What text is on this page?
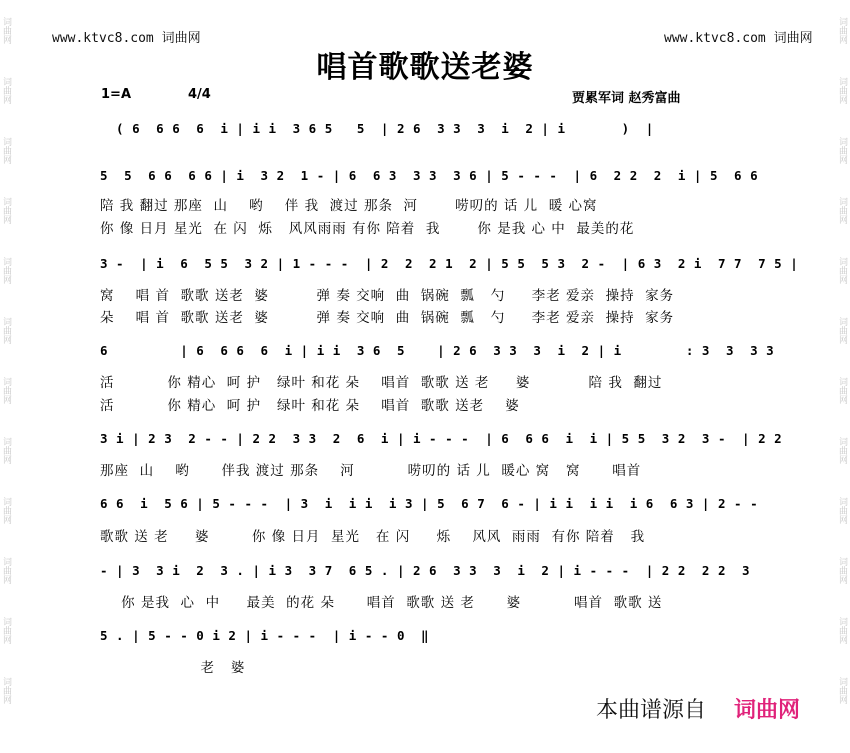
词曲网
词曲网
词曲网
词曲网
词曲网
词曲网
词曲网
词曲网
词曲网
词曲网
词曲网
词曲网
词曲网
词曲网
词曲网
词曲网
词曲网
词曲网
词曲网
词曲网
词曲网
词曲网
词曲网
词曲网
www.ktvc8.com 词曲网	www.ktvc8.com 词曲网
唱首歌歌送老婆
1=A	4/4	贾累军词 赵秀富曲
( 6  6 6  6  i | i i  3 6 5   5  | 2 6  3 3  3  i  2 | i       )  |
5  5  6 6  6 6 | i  3 2  1 - | 6  6 3  3 3  3 6 | 5 - - -  | 6  2 2  2  i | 5  6 6
陪 我 翻过 那座  山    哟    伴 我  渡过 那条  河       唠叨的 话 儿  暖 心窝
你 像 日月 星光  在 闪  烁   风风雨雨 有你 陪着  我       你 是我 心 中  最美的花
3 -  | i  6  5 5  3 2 | 1 - - -  | 2  2  2 1  2 | 5 5  5 3  2 -  | 6 3  2 i  7 7  7 5 |
窝    唱 首  歌歌 送老  婆         弹 奏 交响  曲  锅碗  瓢   勺     李老 爱亲  操持  家务
朵    唱 首  歌歌 送老  婆         弹 奏 交响  曲  锅碗  瓢   勺     李老 爱亲  操持  家务
6         | 6  6 6  6  i | i i  3 6  5    | 2 6  3 3  3  i  2 | i        : 3  3  3 3
活          你 精心  呵 护   绿叶 和花 朵    唱首  歌歌 送 老     婆           陪 我  翻过
活          你 精心  呵 护   绿叶 和花 朵    唱首  歌歌 送老    婆
3 i | 2 3  2 - - | 2 2  3 3  2  6  i | i - - -  | 6  6 6  i  i | 5 5  3 2  3 -  | 2 2
那座  山    哟      伴我 渡过 那条    河          唠叨的 话 儿  暖心 窝   窝      唱首
6 6  i  5 6 | 5 - - -  | 3  i  i i  i 3 | 5  6 7  6 - | i i  i i  i 6  6 3 | 2 - -
歌歌 送 老     婆        你 像 日月  星光   在 闪     烁    风风  雨雨  有你 陪着   我
- | 3  3 i  2  3 . | i 3  3 7  6 5 . | 2 6  3 3  3  i  2 | i - - -  | 2 2  2 2  3
你 是我  心  中     最美  的花 朵      唱首  歌歌 送 老      婆          唱首  歌歌 送
5 . | 5 - - 0 i 2 | i - - -  | i - - 0  ‖
老   婆
本曲谱源自 词曲网
